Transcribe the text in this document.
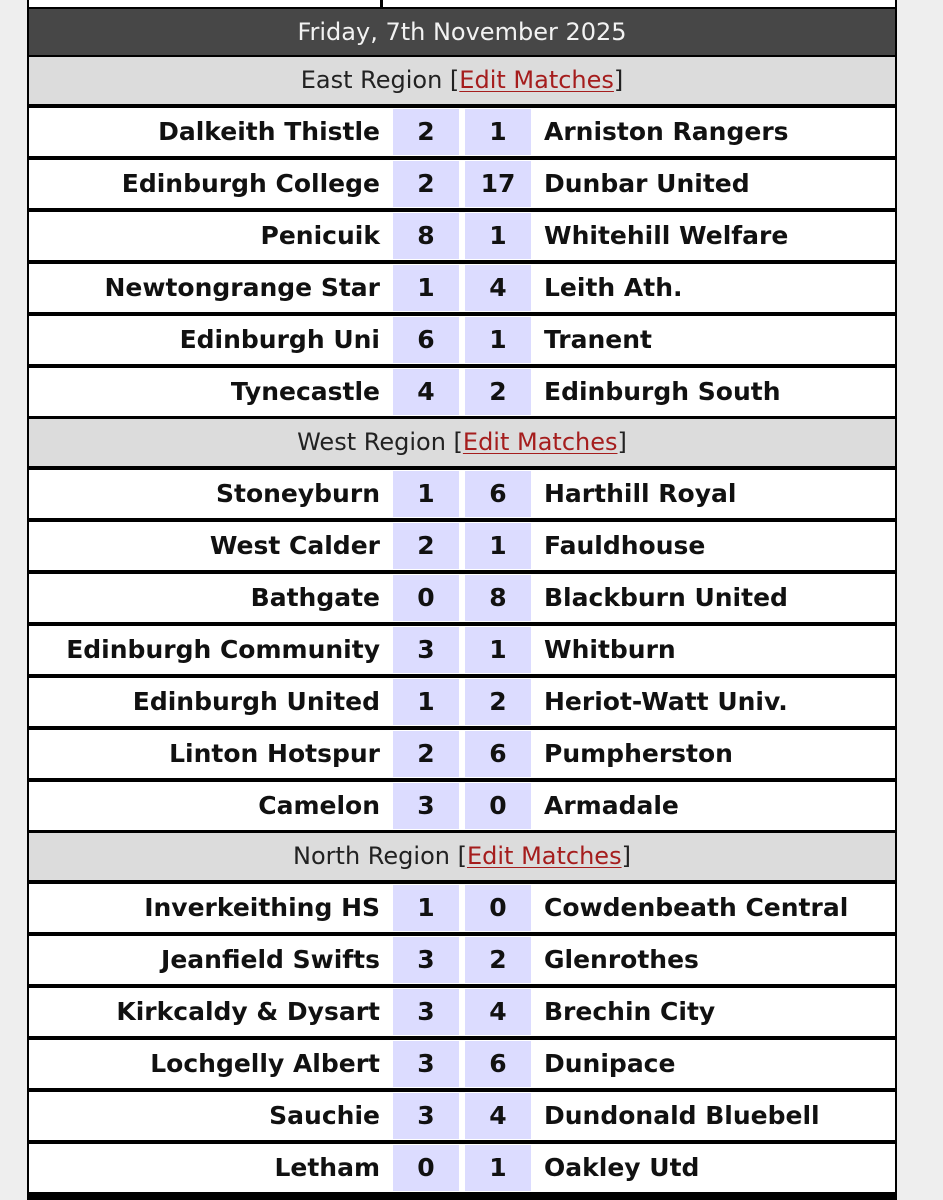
Friday, 7th November 2025
East Region [Edit Matches]
Dalkeith Thistle	2	1	Arniston Rangers
Edinburgh College	2	17	Dunbar United
Penicuik	8	1	Whitehill Welfare
Newtongrange Star	1	4	Leith Ath.
Edinburgh Uni	6	1	Tranent
Tynecastle	4	2	Edinburgh South
West Region [Edit Matches]
Stoneyburn	1	6	Harthill Royal
West Calder	2	1	Fauldhouse
Bathgate	0	8	Blackburn United
Edinburgh Community	3	1	Whitburn
Edinburgh United	1	2	Heriot-Watt Univ.
Linton Hotspur	2	6	Pumpherston
Camelon	3	0	Armadale
North Region [Edit Matches]
Inverkeithing HS	1	0	Cowdenbeath Central
Jeanfield Swifts	3	2	Glenrothes
Kirkcaldy & Dysart	3	4	Brechin City
Lochgelly Albert	3	6	Dunipace
Sauchie	3	4	Dundonald Bluebell
Letham	0	1	Oakley Utd
